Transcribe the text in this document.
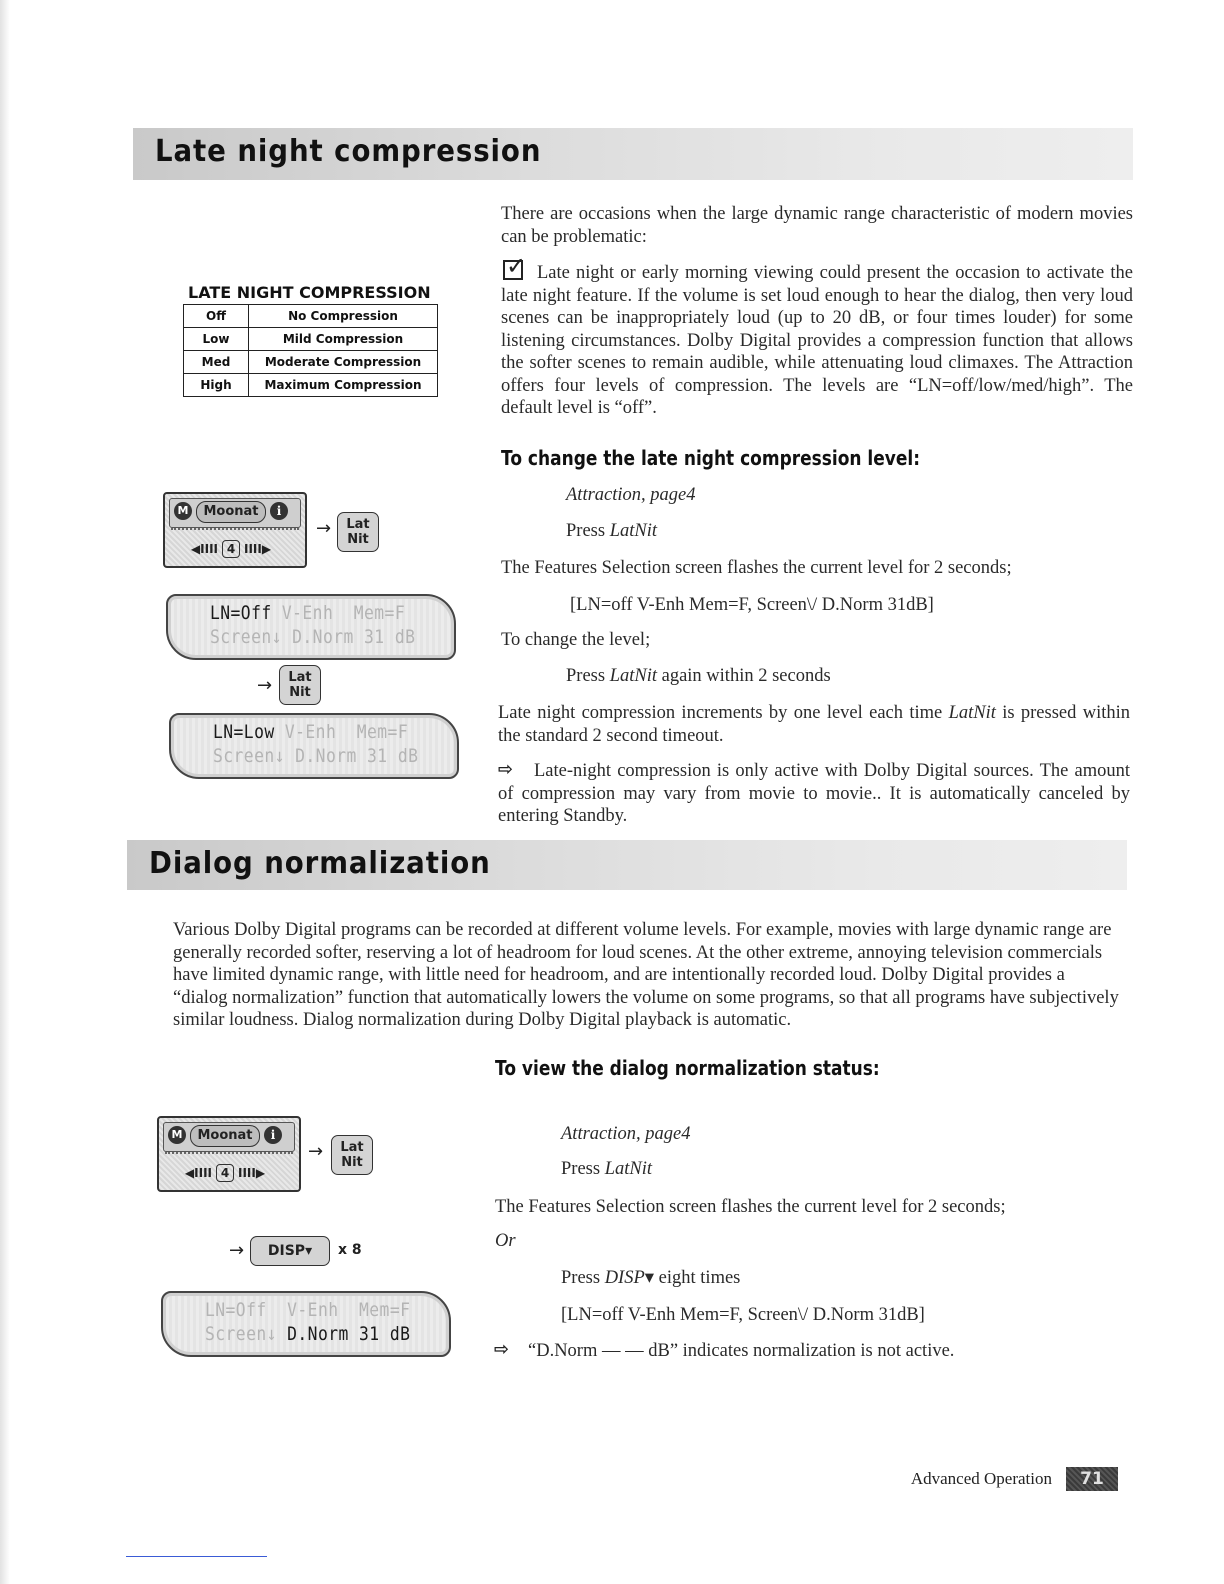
Late night compression
LATE NIGHT COMPRESSION
Off	No Compression
Low	Mild Compression
Med	Moderate Compression
High	Maximum Compression
There are occasions when the large dynamic range characteristic of modern movies can be problematic:
✓
Late night or early morning viewing could present the occasion to activate the late night feature. If the volume is set loud enough to hear the dialog, then very loud scenes can be inappropriately loud (up to 20 dB, or four times louder) for some listening circumstances. Dolby Digital provides a compression function that allows the softer scenes to remain audible, while attenuating loud climaxes. The Attraction offers four levels of compression. The levels are “LN=off/low/med/high”. The default level is “off”.
To change the late night compression level:
Attraction, page4
Press LatNit
The Features Selection screen flashes the current level for 2 seconds;
[LN=off V-Enh Mem=F, Screen\/ D.Norm 31dB]
To change the level;
Press LatNit again within 2 seconds
Late night compression increments by one level each time LatNit is pressed within the standard 2 second timeout.
⇨	Late-night compression is only active with Dolby Digital sources. The amount of compression may vary from movie to movie.. It is automatically canceled by entering Standby.
M	Moonat	i
◀IIII 4 IIII▶
→	Lat
Nit
LN=Off V-Enh  Mem=F
Screen↓ D.Norm 31 dB
→	Lat
Nit
LN=Low V-Enh  Mem=F
Screen↓ D.Norm 31 dB
Dialog normalization
Various Dolby Digital programs can be recorded at different volume levels. For example, movies with large dynamic range are generally recorded softer, reserving a lot of headroom for loud scenes. At the other extreme, annoying television commercials have limited dynamic range, with little need for headroom, and are intentionally recorded loud. Dolby Digital provides a “dialog normalization” function that automatically lowers the volume on some programs, so that all programs have subjectively similar loudness. Dialog normalization during Dolby Digital playback is automatic.
To view the dialog normalization status:
M	Moonat	i
◀IIII 4 IIII▶
→	Lat
Nit
→	DISP▾	x 8
LN=Off  V-Enh  Mem=F
Screen↓ D.Norm 31 dB
Attraction, page4
Press LatNit
The Features Selection screen flashes the current level for 2 seconds;
Or
Press DISP▾ eight times
[LN=off V-Enh Mem=F, Screen\/ D.Norm 31dB]
⇨ “D.Norm — — dB” indicates normalization is not active.
Advanced Operation	71
